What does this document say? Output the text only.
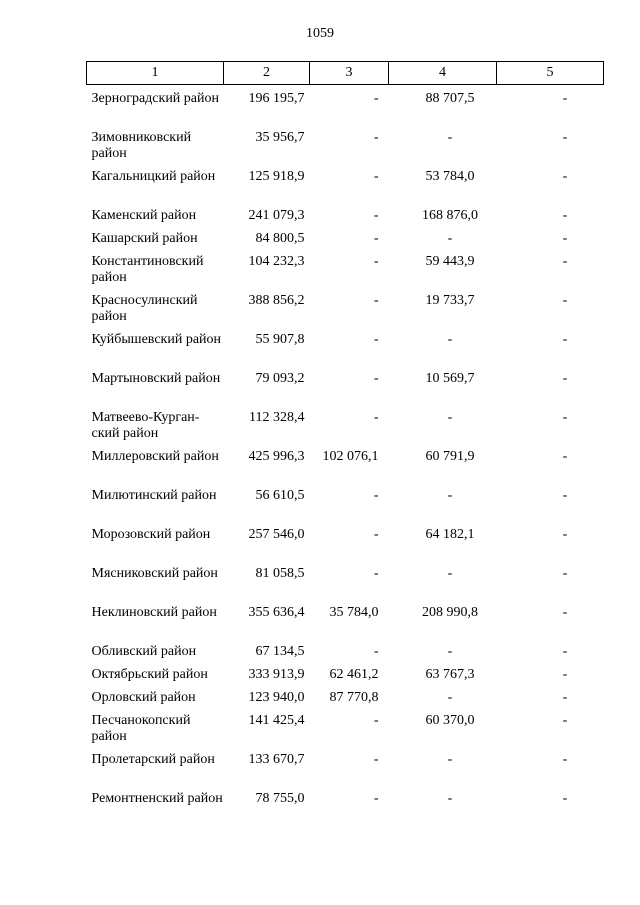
1059
1	2	3	4	5
Зерноградский район	196 195,7	-	88 707,5	-
Зимовниковский район	35 956,7	-	-	-
Кагальницкий район	125 918,9	-	53 784,0	-
Каменский район	241 079,3	-	168 876,0	-
Кашарский район	84 800,5	-	-	-
Константиновский район	104 232,3	-	59 443,9	-
Красносулинский район	388 856,2	-	19 733,7	-
Куйбышевский район	55 907,8	-	-	-
Мартыновский район	79 093,2	-	10 569,7	-
Матвеево-Курган-ский район	112 328,4	-	-	-
Миллеровский район	425 996,3	102 076,1	60 791,9	-
Милютинский район	56 610,5	-	-	-
Морозовский район	257 546,0	-	64 182,1	-
Мясниковский район	81 058,5	-	-	-
Неклиновский район	355 636,4	35 784,0	208 990,8	-
Обливский район	67 134,5	-	-	-
Октябрьский район	333 913,9	62 461,2	63 767,3	-
Орловский район	123 940,0	87 770,8	-	-
Песчанокопский район	141 425,4	-	60 370,0	-
Пролетарский район	133 670,7	-	-	-
Ремонтненский район	78 755,0	-	-	-
